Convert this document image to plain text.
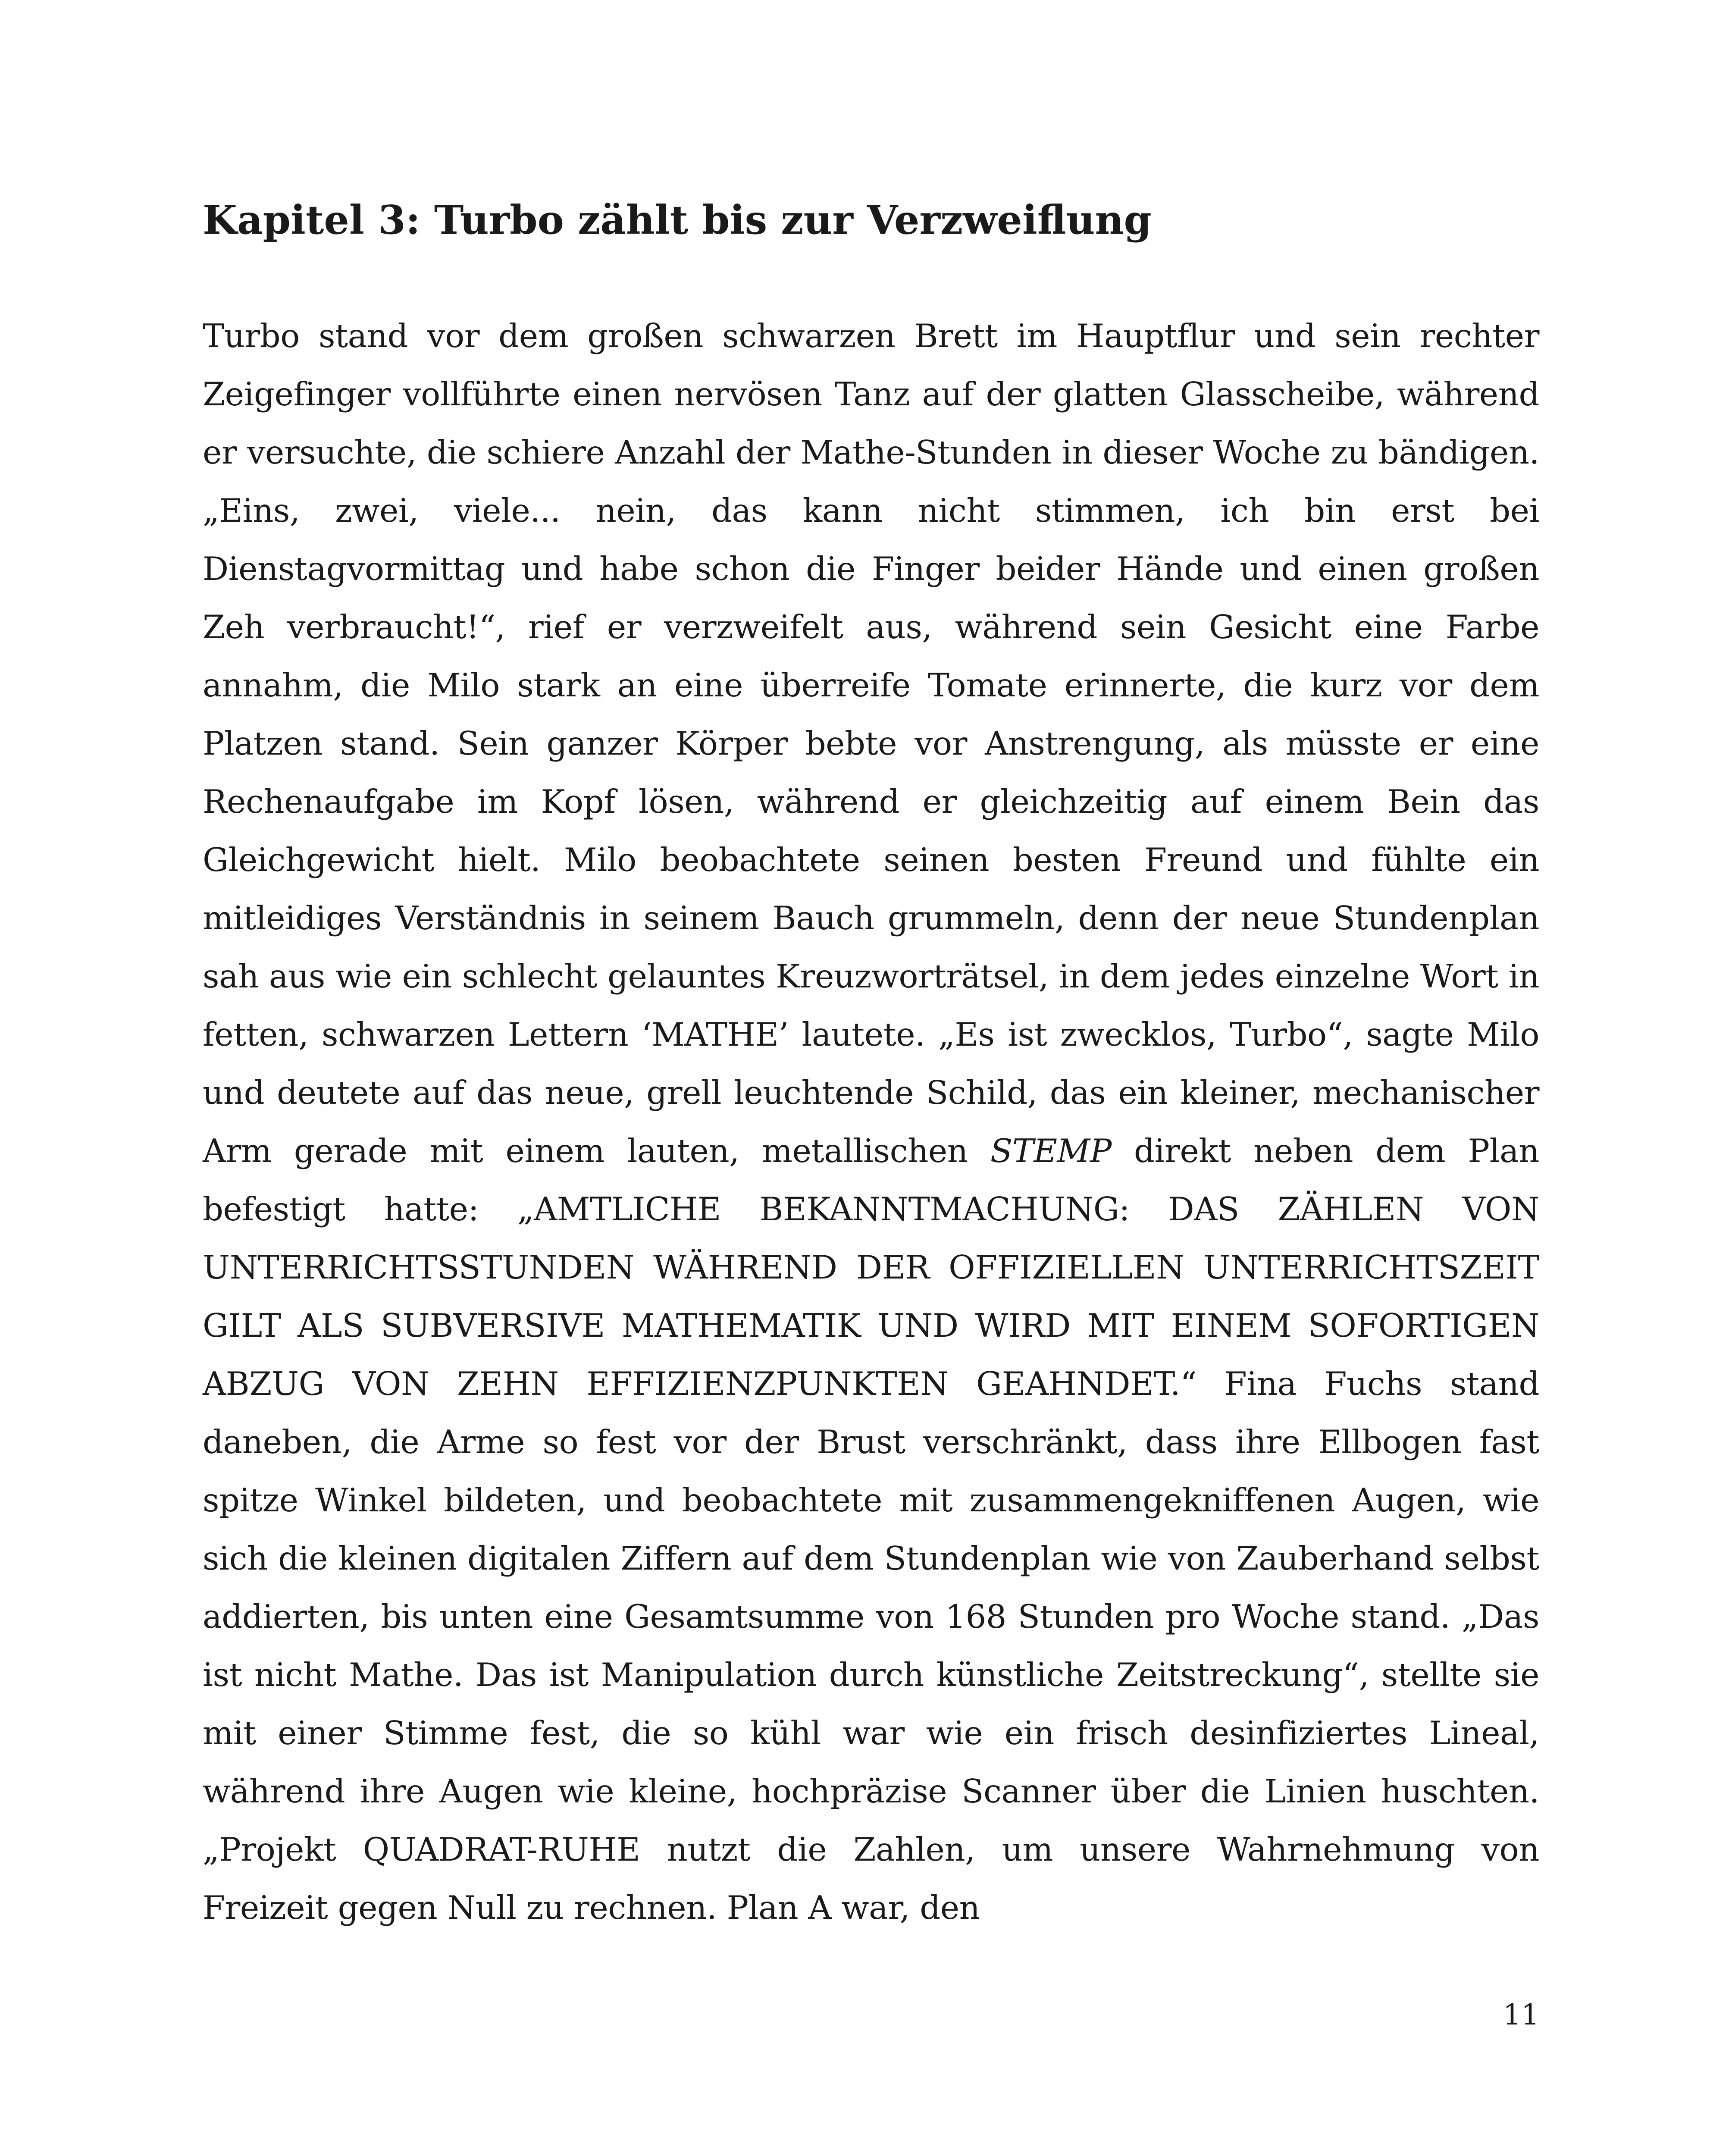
Kapitel 3: Turbo zählt bis zur Verzweiflung

Turbo stand vor dem großen schwarzen Brett im Hauptflur und sein rechter Zeigefinger vollführte einen nervösen Tanz auf der glatten Glasscheibe, während er versuchte, die schiere Anzahl der Mathe-Stunden in dieser Woche zu bändigen. „Eins, zwei, viele... nein, das kann nicht stimmen, ich bin erst bei Dienstagvormittag und habe schon die Finger beider Hände und einen großen Zeh verbraucht!“, rief er verzweifelt aus, während sein Gesicht eine Farbe annahm, die Milo stark an eine überreife Tomate erinnerte, die kurz vor dem Platzen stand. Sein ganzer Körper bebte vor Anstrengung, als müsste er eine Rechenaufgabe im Kopf lösen, während er gleichzeitig auf einem Bein das Gleichgewicht hielt. Milo beobachtete seinen besten Freund und fühlte ein mitleidiges Verständnis in seinem Bauch grummeln, denn der neue Stundenplan sah aus wie ein schlecht gelauntes Kreuzworträtsel, in dem jedes einzelne Wort in fetten, schwarzen Lettern ‘MATHE’ lautete. „Es ist zwecklos, Turbo“, sagte Milo und deutete auf das neue, grell leuchtende Schild, das ein kleiner, mechanischer Arm gerade mit einem lauten, metallischen STEMP direkt neben dem Plan befestigt hatte: „AMTLICHE BEKANNTMACHUNG: DAS ZÄHLEN VON UNTERRICHTSSTUNDEN WÄHREND DER OFFIZIELLEN UNTERRICHTSZEIT GILT ALS SUBVERSIVE MATHEMATIK UND WIRD MIT EINEM SOFORTIGEN ABZUG VON ZEHN EFFIZIENZPUNKTEN GEAHNDET.“ Fina Fuchs stand daneben, die Arme so fest vor der Brust verschränkt, dass ihre Ellbogen fast spitze Winkel bildeten, und beobachtete mit zusammengekniffenen Augen, wie sich die kleinen digitalen Ziffern auf dem Stundenplan wie von Zauberhand selbst addierten, bis unten eine Gesamtsumme von 168 Stunden pro Woche stand. „Das ist nicht Mathe. Das ist Manipulation durch künstliche Zeitstreckung“, stellte sie mit einer Stimme fest, die so kühl war wie ein frisch desinfiziertes Lineal, während ihre Augen wie kleine, hochpräzise Scanner über die Linien huschten. „Projekt QUADRAT-RUHE nutzt die Zahlen, um unsere Wahrnehmung von Freizeit gegen Null zu rechnen. Plan A war, den

11
